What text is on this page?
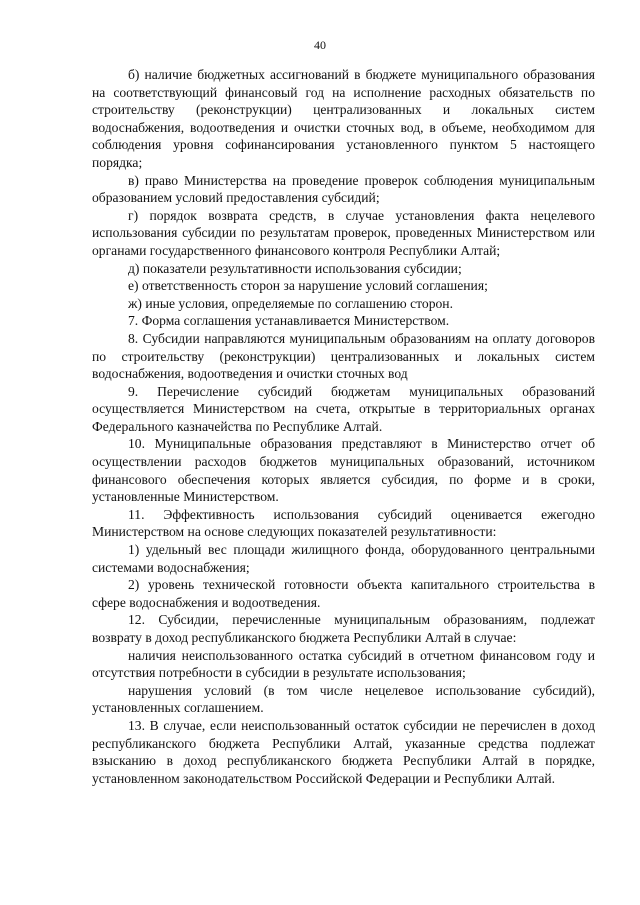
40

б) наличие бюджетных ассигнований в бюджете муниципального образования на соответствующий финансовый год на исполнение расходных обязательств по строительству (реконструкции) централизованных и локальных систем водоснабжения, водоотведения и очистки сточных вод, в объеме, необходимом для соблюдения уровня софинансирования установленного пунктом 5 настоящего порядка;

в) право Министерства на проведение проверок соблюдения муниципальным образованием условий предоставления субсидий;

г) порядок возврата средств, в случае установления факта нецелевого использования субсидии по результатам проверок, проведенных Министерством или органами государственного финансового контроля Республики Алтай;

д) показатели результативности использования субсидии;

е) ответственность сторон за нарушение условий соглашения;

ж) иные условия, определяемые по соглашению сторон.

7. Форма соглашения устанавливается Министерством.

8. Субсидии направляются муниципальным образованиям на оплату договоров по строительству (реконструкции) централизованных и локальных систем водоснабжения, водоотведения и очистки сточных вод

9. Перечисление субсидий бюджетам муниципальных образований осуществляется Министерством на счета, открытые в территориальных органах Федерального казначейства по Республике Алтай.

10. Муниципальные образования представляют в Министерство отчет об осуществлении расходов бюджетов муниципальных образований, источником финансового обеспечения которых является субсидия, по форме и в сроки, установленные Министерством.

11. Эффективность использования субсидий оценивается ежегодно Министерством на основе следующих показателей результативности:

1) удельный вес площади жилищного фонда, оборудованного центральными системами водоснабжения;

2) уровень технической готовности объекта капитального строительства в сфере водоснабжения и водоотведения.

12. Субсидии, перечисленные муниципальным образованиям, подлежат возврату в доход республиканского бюджета Республики Алтай в случае:

наличия неиспользованного остатка субсидий в отчетном финансовом году и отсутствия потребности в субсидии в результате использования;

нарушения условий (в том числе нецелевое использование субсидий), установленных соглашением.

13. В случае, если неиспользованный остаток субсидии не перечислен в доход республиканского бюджета Республики Алтай, указанные средства подлежат взысканию в доход республиканского бюджета Республики Алтай в порядке, установленном законодательством Российской Федерации и Республики Алтай.
